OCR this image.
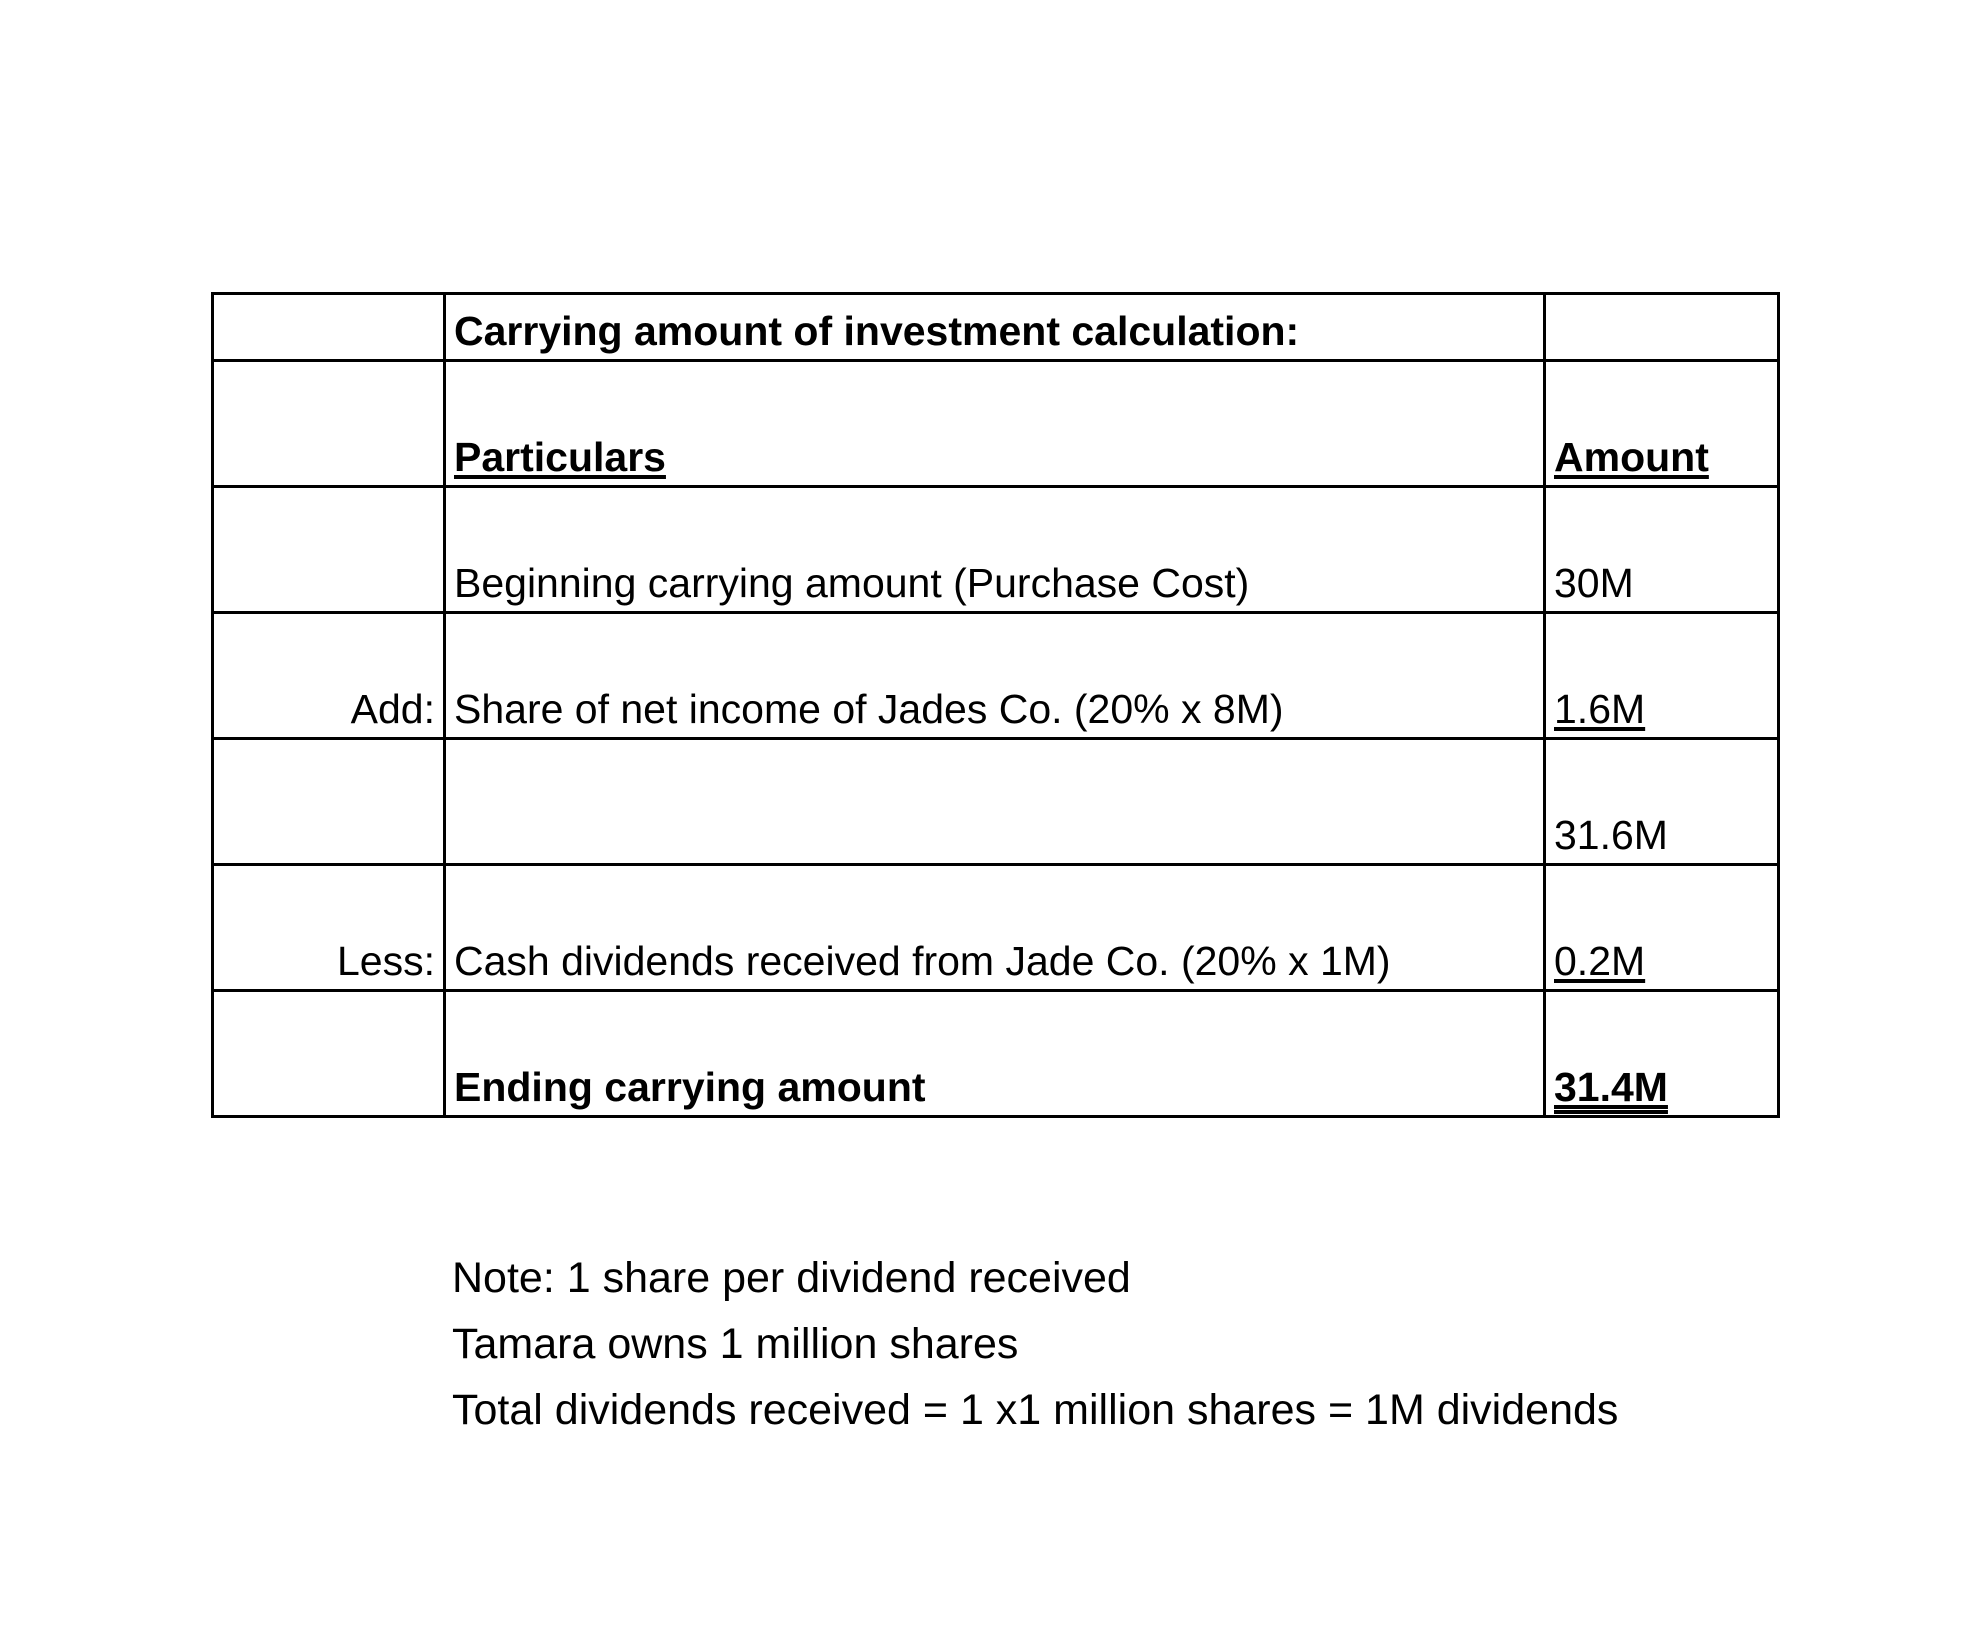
	Carrying amount of investment calculation:	
	Particulars	Amount
	Beginning carrying amount (Purchase Cost)	30M
Add:	Share of net income of Jades Co. (20% x 8M)	1.6M
		31.6M
Less:	Cash dividends received from Jade Co. (20% x 1M)	0.2M
	Ending carrying amount	31.4M
Note: 1 share per dividend received
Tamara owns 1 million shares
Total dividends received = 1 x1 million shares = 1M dividends
